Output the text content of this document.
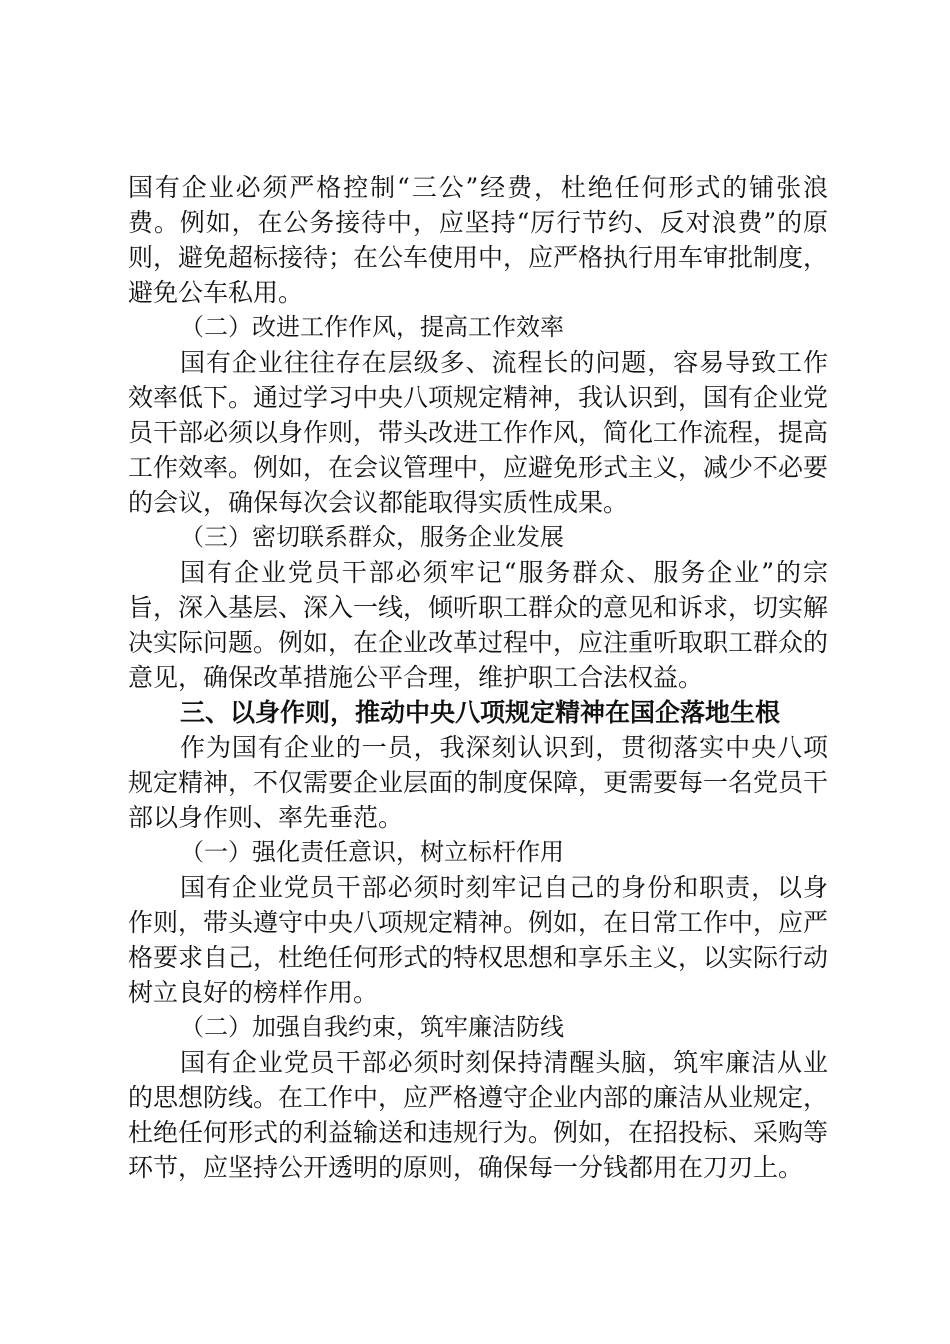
国有企业必须严格控制“三公”经费，杜绝任何形式的铺张浪费。例如，在公务接待中，应坚持“厉行节约、反对浪费”的原则，避免超标接待；在公车使用中，应严格执行用车审批制度，避免公车私用。

（二）改进工作作风，提高工作效率

国有企业往往存在层级多、流程长的问题，容易导致工作效率低下。通过学习中央八项规定精神，我认识到，国有企业党员干部必须以身作则，带头改进工作作风，简化工作流程，提高工作效率。例如，在会议管理中，应避免形式主义，减少不必要的会议，确保每次会议都能取得实质性成果。

（三）密切联系群众，服务企业发展

国有企业党员干部必须牢记“服务群众、服务企业”的宗旨，深入基层、深入一线，倾听职工群众的意见和诉求，切实解决实际问题。例如，在企业改革过程中，应注重听取职工群众的意见，确保改革措施公平合理，维护职工合法权益。

三、以身作则，推动中央八项规定精神在国企落地生根

作为国有企业的一员，我深刻认识到，贯彻落实中央八项规定精神，不仅需要企业层面的制度保障，更需要每一名党员干部以身作则、率先垂范。

（一）强化责任意识，树立标杆作用

国有企业党员干部必须时刻牢记自己的身份和职责，以身作则，带头遵守中央八项规定精神。例如，在日常工作中，应严格要求自己，杜绝任何形式的特权思想和享乐主义，以实际行动树立良好的榜样作用。

（二）加强自我约束，筑牢廉洁防线

国有企业党员干部必须时刻保持清醒头脑，筑牢廉洁从业的思想防线。在工作中，应严格遵守企业内部的廉洁从业规定，杜绝任何形式的利益输送和违规行为。例如，在招投标、采购等环节，应坚持公开透明的原则，确保每一分钱都用在刀刃上。
